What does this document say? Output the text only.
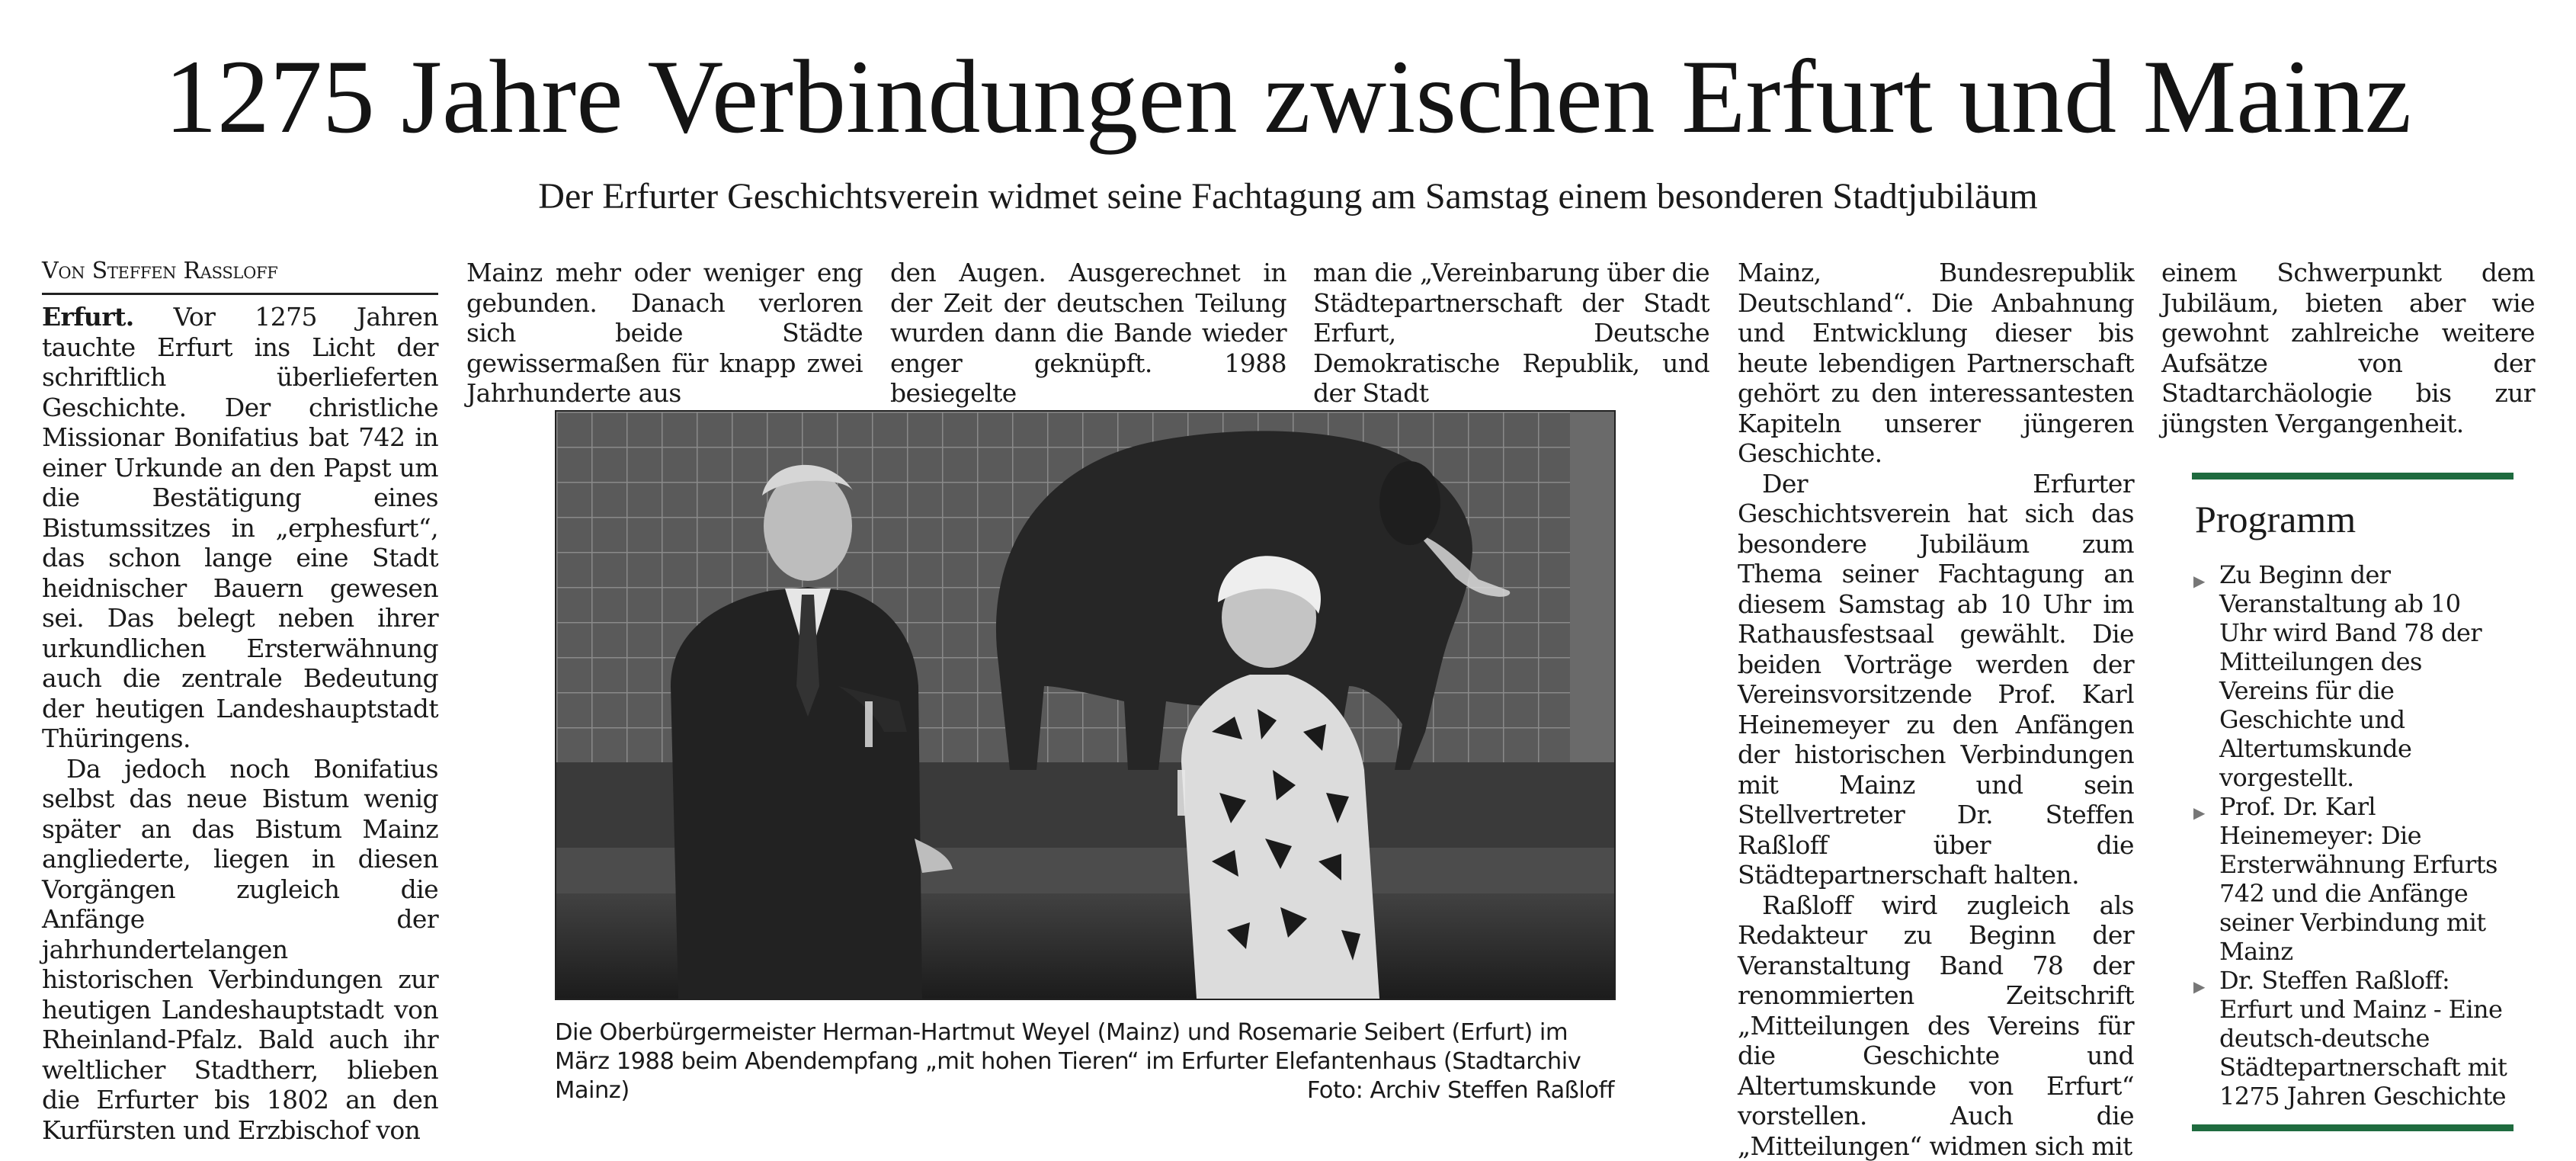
1275 Jahre Verbindungen zwischen Erfurt und Mainz
Der Erfurter Geschichtsverein widmet seine Fachtagung am Samstag einem besonderen Stadtjubiläum
Von Steffen Rassloff

Erfurt. Vor 1275 Jahren tauchte Erfurt ins Licht der schriftlich überlieferten Geschichte. Der christliche Missionar Bonifatius bat 742 in einer Urkunde an den Papst um die Bestätigung eines Bistumssitzes in „erphesfurt“, das schon lange eine Stadt heidnischer Bauern gewesen sei. Das belegt neben ihrer urkundlichen Ersterwähnung auch die zentrale Bedeutung der heutigen Landeshauptstadt Thüringens.

Da jedoch noch Bonifatius selbst das neue Bistum wenig später an das Bistum Mainz angliederte, liegen in diesen Vorgängen zugleich die Anfänge der jahrhundertelangen historischen Verbindungen zur heutigen Landeshauptstadt von Rheinland-Pfalz. Bald auch ihr weltlicher Stadtherr, blieben die Erfurter bis 1802 an den Kurfürsten und Erzbischof von

Mainz mehr oder weniger eng gebunden. Danach verloren sich beide Städte gewissermaßen für knapp zwei Jahrhunderte aus

den Augen. Ausgerechnet in der Zeit der deutschen Teilung wurden dann die Bande wieder enger geknüpft. 1988 besiegelte

man die „Vereinbarung über die Städtepartnerschaft der Stadt Erfurt, Deutsche Demokratische Republik, und der Stadt

Mainz, Bundesrepublik Deutschland“. Die Anbahnung und Entwicklung dieser bis heute lebendigen Partnerschaft gehört zu den interessantesten Kapiteln unserer jüngeren Geschichte.

Der Erfurter Geschichtsverein hat sich das besondere Jubiläum zum Thema seiner Fachtagung an diesem Samstag ab 10 Uhr im Rathausfestsaal gewählt. Die beiden Vorträge werden der Vereinsvorsitzende Prof. Karl Heinemeyer zu den Anfängen der historischen Verbindungen mit Mainz und sein Stellvertreter Dr. Steffen Raßloff über die Städtepartnerschaft halten.

Raßloff wird zugleich als Redakteur zu Beginn der Veranstaltung Band 78 der renommierten Zeitschrift „Mitteilungen des Vereins für die Geschichte und Altertumskunde von Erfurt“ vorstellen. Auch die „Mitteilungen“ widmen sich mit

einem Schwerpunkt dem Jubiläum, bieten aber wie gewohnt zahlreiche weitere Aufsätze von der Stadtarchäologie bis zur jüngsten Vergangenheit.

Die Oberbürgermeister Herman-Hartmut Weyel (Mainz) und Rosemarie Seibert (Erfurt) im März 1988 beim Abendempfang „mit hohen Tieren“ im Erfurter Elefantenhaus (Stadtarchiv Mainz)	Foto: Archiv Steffen Raßloff
Programm
▶ Zu Beginn der Veranstaltung ab 10 Uhr wird Band 78 der Mitteilungen des Vereins für die Geschichte und Altertumskunde vorgestellt.
▶ Prof. Dr. Karl Heinemeyer: Die Ersterwähnung Erfurts 742 und die Anfänge seiner Verbindung mit Mainz
▶ Dr. Steffen Raßloff: Erfurt und Mainz - Eine deutsch-deutsche Städtepartnerschaft mit 1275 Jahren Geschichte
